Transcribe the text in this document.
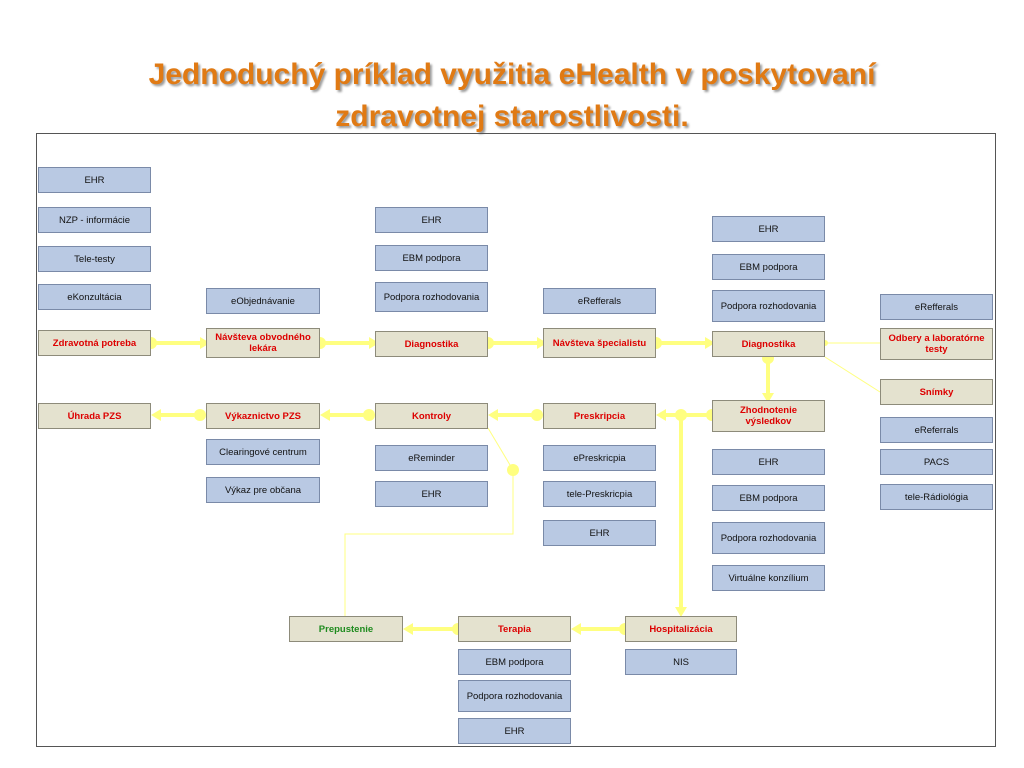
Jednoduchý príklad využitia eHealth v poskytovaní
zdravotnej starostlivosti.
EHR
NZP - informácie
Tele-testy
eKonzultácia
Zdravotná potreba
Úhrada PZS
eObjednávanie
Návšteva obvodného lekára
Výkaznictvo PZS
Clearingové centrum
Výkaz pre občana
EHR
EBM podpora
Podpora rozhodovania
Diagnostika
Kontroly
eReminder
EHR
eRefferals
Návšteva špecialistu
Preskripcia
ePreskricpia
tele-Preskricpia
EHR
EHR
EBM podpora
Podpora rozhodovania
Diagnostika
Zhodnotenie výsledkov
EHR
EBM podpora
Podpora rozhodovania
Virtuálne konzílium
eRefferals
Odbery a laboratórne testy
Snímky
eReferrals
PACS
tele-Rádiológia
Prepustenie	Terapia	Hospitalizácia
NIS
EBM podpora
Podpora rozhodovania
EHR
